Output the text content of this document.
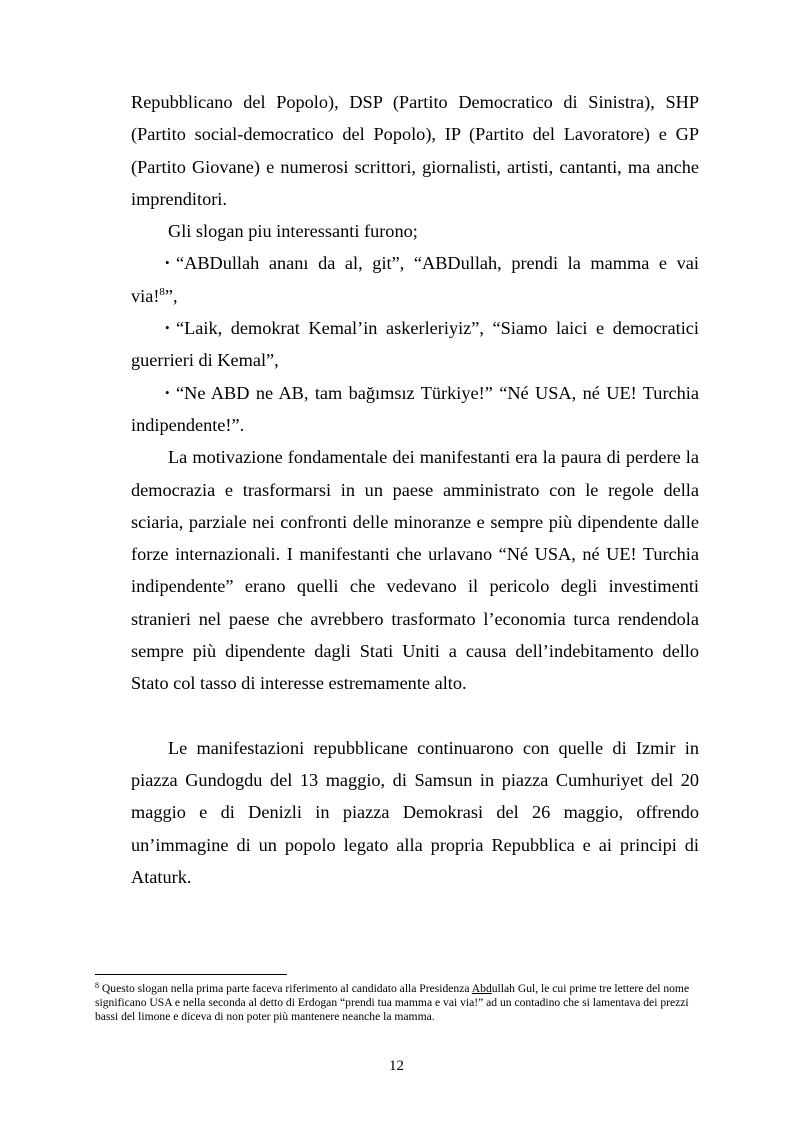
Repubblicano del Popolo), DSP (Partito Democratico di Sinistra), SHP (Partito social-democratico del Popolo), IP (Partito del Lavoratore) e GP (Partito Giovane) e numerosi scrittori, giornalisti, artisti, cantanti, ma anche imprenditori.

Gli slogan piu interessanti furono;

• “ABDullah ananı da al, git”, “ABDullah, prendi la mamma e vai via!$^8$”,

• “Laik, demokrat Kemal’in askerleriyiz”, “Siamo laici e democratici guerrieri di Kemal”,

• “Ne ABD ne AB, tam bağımsız Türkiye!” “Né USA, né UE! Turchia indipendente!”.

La motivazione fondamentale dei manifestanti era la paura di perdere la democrazia e trasformarsi in un paese amministrato con le regole della sciaria, parziale nei confronti delle minoranze e sempre più dipendente dalle forze internazionali. I manifestanti che urlavano “Né USA, né UE! Turchia indipendente” erano quelli che vedevano il pericolo degli investimenti stranieri nel paese che avrebbero trasformato l’economia turca rendendola sempre più dipendente dagli Stati Uniti a causa dell’indebitamento dello Stato col tasso di interesse estremamente alto.

Le manifestazioni repubblicane continuarono con quelle di Izmir in piazza Gundogdu del 13 maggio, di Samsun in piazza Cumhuriyet del 20 maggio e di Denizli in piazza Demokrasi del 26 maggio, offrendo un’immagine di un popolo legato alla propria Repubblica e ai principi di Ataturk.

$^8$ Questo slogan nella prima parte faceva riferimento al candidato alla Presidenza Abdullah Gul, le cui prime tre lettere del nome significano USA e nella seconda al detto di Erdogan “prendi tua mamma e vai via!” ad un contadino che si lamentava dei prezzi bassi del limone e diceva di non poter più mantenere neanche la mamma.
12
